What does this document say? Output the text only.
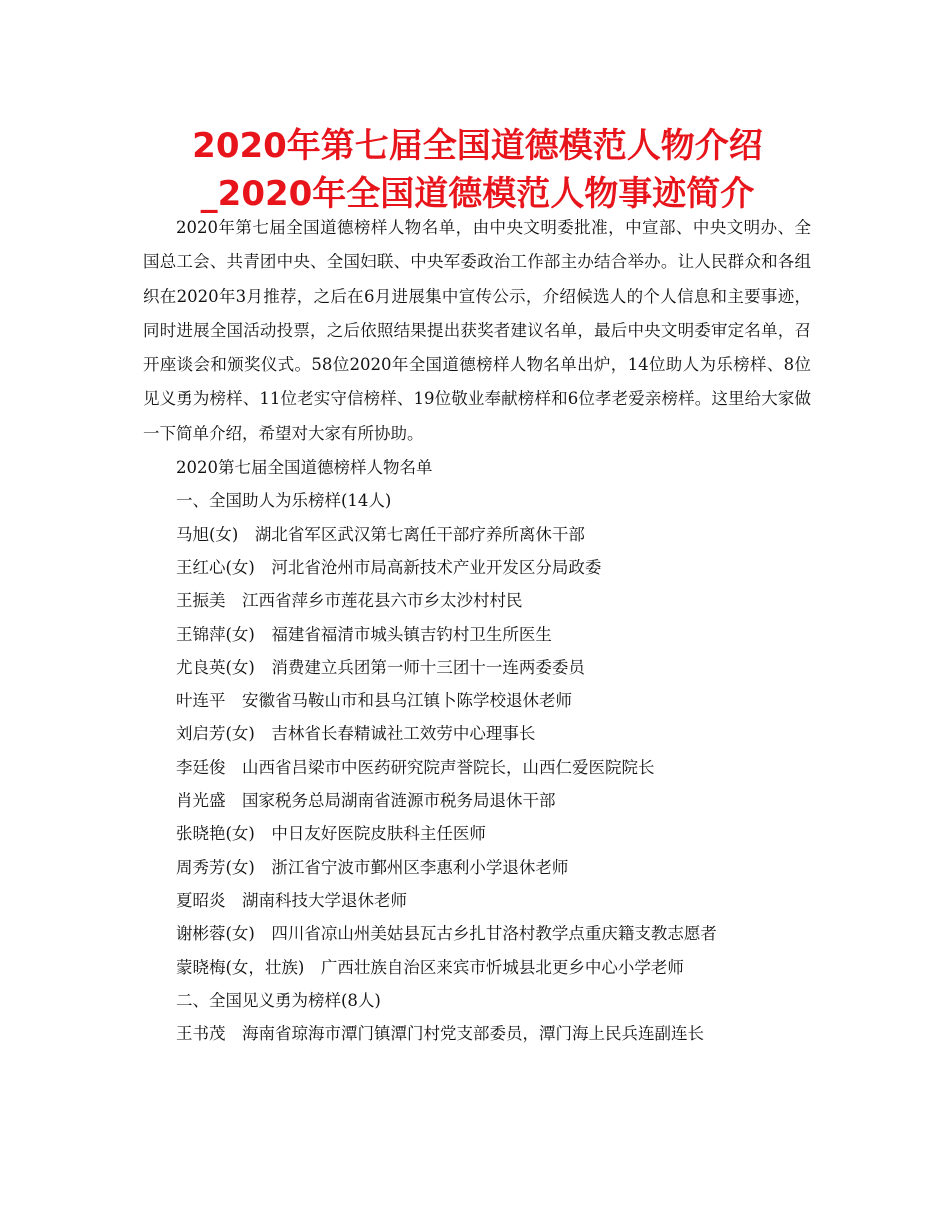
2020年第七届全国道德模范人物介绍
_2020年全国道德模范人物事迹简介

2020年第七届全国道德榜样人物名单，由中央文明委批准，中宣部、中央文明办、全国总工会、共青团中央、全国妇联、中央军委政治工作部主办结合举办。让人民群众和各组织在2020年3月推荐，之后在6月进展集中宣传公示，介绍候选人的个人信息和主要事迹，同时进展全国活动投票，之后依照结果提出获奖者建议名单，最后中央文明委审定名单，召开座谈会和颁奖仪式。58位2020年全国道德榜样人物名单出炉，14位助人为乐榜样、8位见义勇为榜样、11位老实守信榜样、19位敬业奉献榜样和6位孝老爱亲榜样。这里给大家做一下简单介绍，希望对大家有所协助。

2020第七届全国道德榜样人物名单

一、全国助人为乐榜样(14人)

马旭(女)　湖北省军区武汉第七离任干部疗养所离休干部

王红心(女)　河北省沧州市局高新技术产业开发区分局政委

王振美　江西省萍乡市莲花县六市乡太沙村村民

王锦萍(女)　福建省福清市城头镇吉钓村卫生所医生

尤良英(女)　消费建立兵团第一师十三团十一连两委委员

叶连平　安徽省马鞍山市和县乌江镇卜陈学校退休老师

刘启芳(女)　吉林省长春精诚社工效劳中心理事长

李廷俊　山西省吕梁市中医药研究院声誉院长，山西仁爱医院院长

肖光盛　国家税务总局湖南省涟源市税务局退休干部

张晓艳(女)　中日友好医院皮肤科主任医师

周秀芳(女)　浙江省宁波市鄞州区李惠利小学退休老师

夏昭炎　湖南科技大学退休老师

谢彬蓉(女)　四川省凉山州美姑县瓦古乡扎甘洛村教学点重庆籍支教志愿者

蒙晓梅(女，壮族)　广西壮族自治区来宾市忻城县北更乡中心小学老师

二、全国见义勇为榜样(8人)

王书茂　海南省琼海市潭门镇潭门村党支部委员，潭门海上民兵连副连长
